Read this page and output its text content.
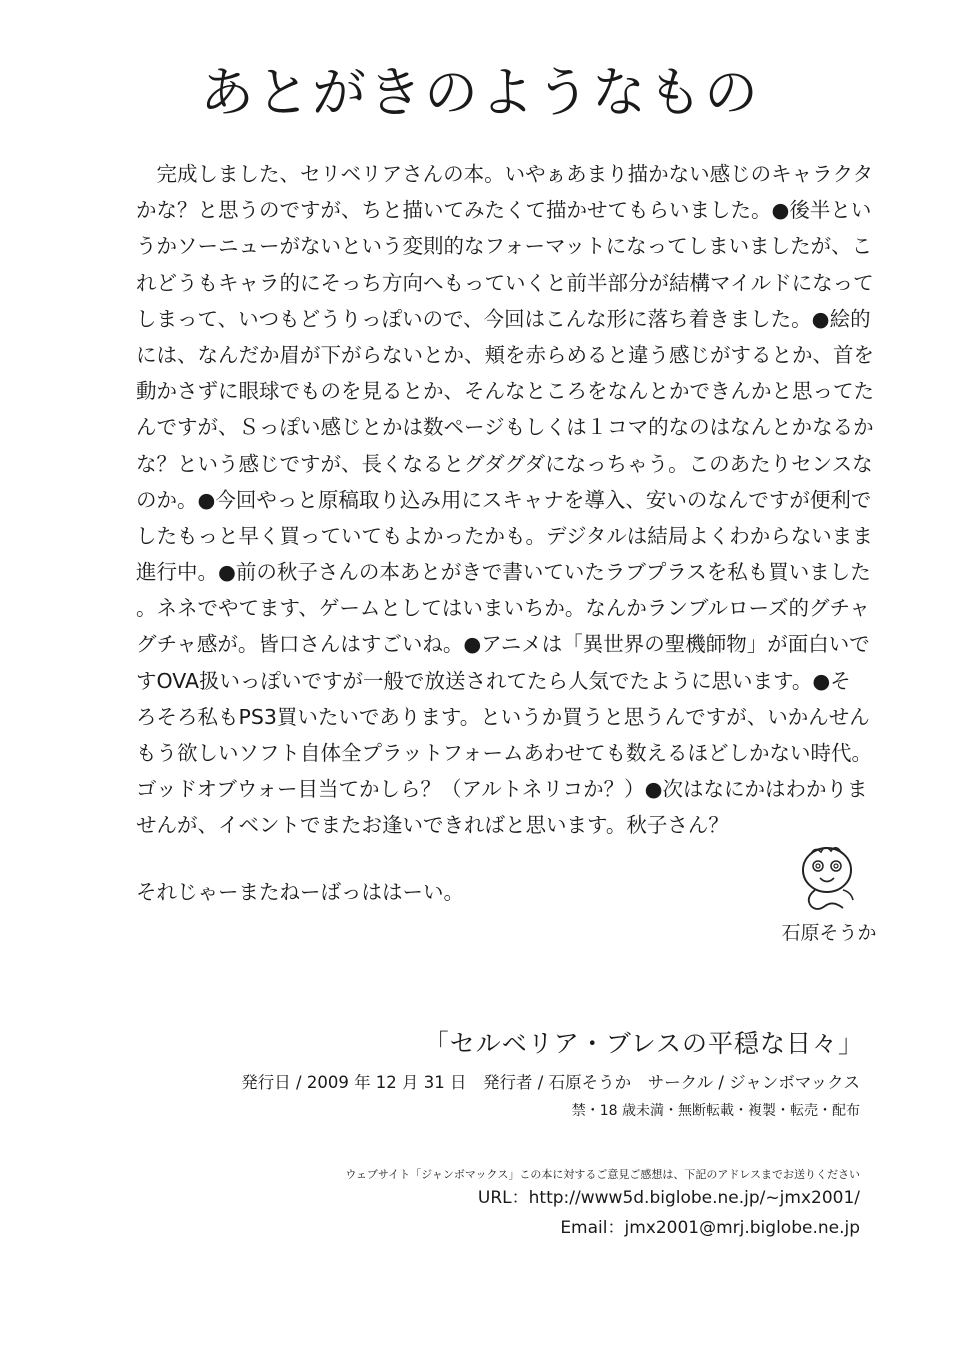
あとがきのようなもの
　完成しました、セリベリアさんの本。いやぁあまり描かない感じのキャラクタ
かな？と思うのですが、ちと描いてみたくて描かせてもらいました。●後半とい
うかソーニューがないという変則的なフォーマットになってしまいましたが、こ
れどうもキャラ的にそっち方向へもっていくと前半部分が結構マイルドになって
しまって、いつもどうりっぽいので、今回はこんな形に落ち着きました。●絵的
には、なんだか眉が下がらないとか、頬を赤らめると違う感じがするとか、首を
動かさずに眼球でものを見るとか、そんなところをなんとかできんかと思ってた
んですが、Ｓっぽい感じとかは数ページもしくは１コマ的なのはなんとかなるか
な？という感じですが、長くなるとグダグダになっちゃう。このあたりセンスな
のか。●今回やっと原稿取り込み用にスキャナを導入、安いのなんですが便利で
したもっと早く買っていてもよかったかも。デジタルは結局よくわからないまま
進行中。●前の秋子さんの本あとがきで書いていたラブプラスを私も買いました
。ネネでやてます、ゲームとしてはいまいちか。なんかランブルローズ的グチャ
グチャ感が。皆口さんはすごいね。●アニメは「異世界の聖機師物」が面白いで
すOVA扱いっぽいですが一般で放送されてたら人気でたように思います。●そ
ろそろ私もPS3買いたいであります。というか買うと思うんですが、いかんせん
もう欲しいソフト自体全プラットフォームあわせても数えるほどしかない時代。
ゴッドオブウォー目当てかしら？（アルトネリコか？）●次はなにかはわかりま
せんが、イベントでまたお逢いできればと思います。秋子さん？
それじゃーまたねーばっははーい。
石原そうか
「セルベリア・ブレスの平穏な日々」
発行日 / 2009 年 12 月 31 日　発行者 / 石原そうか　サークル / ジャンボマックス
禁・18 歳未満・無断転載・複製・転売・配布
ウェブサイト「ジャンボマックス」この本に対するご意見ご感想は、下記のアドレスまでお送りください
URL：http://www5d.biglobe.ne.jp/~jmx2001/
Email：jmx2001@mrj.biglobe.ne.jp
